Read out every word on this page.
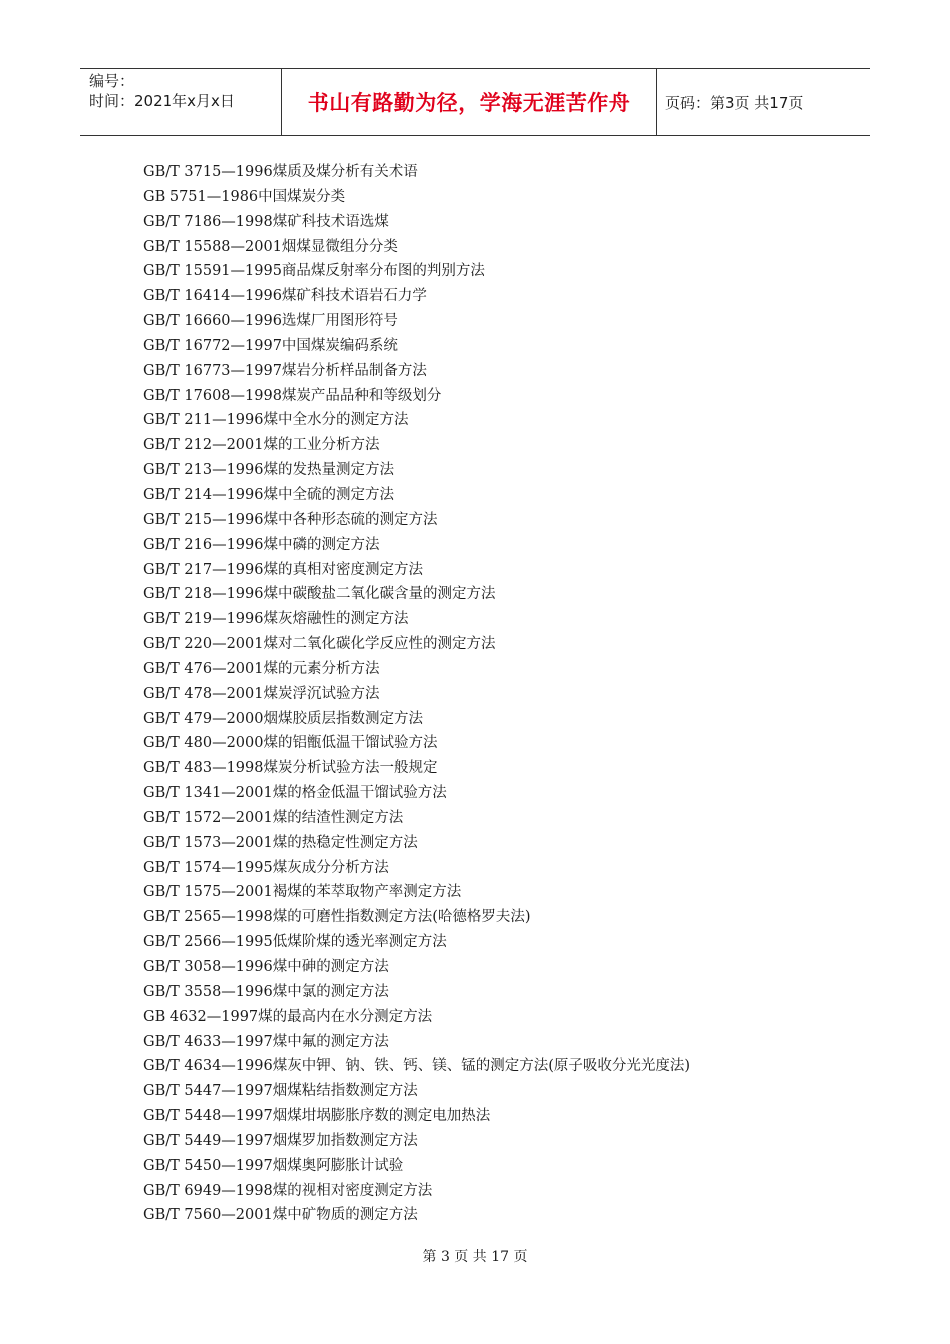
编号：
时间：2021年x月x日	书山有路勤为径，学海无涯苦作舟	页码：第3页 共17页
GB/T 3715—1996煤质及煤分析有关术语
GB 5751—1986中国煤炭分类
GB/T 7186—1998煤矿科技术语选煤
GB/T 15588—2001烟煤显微组分分类
GB/T 15591—1995商品煤反射率分布图的判别方法
GB/T 16414—1996煤矿科技术语岩石力学
GB/T 16660—1996选煤厂用图形符号
GB/T 16772—1997中国煤炭编码系统
GB/T 16773—1997煤岩分析样品制备方法
GB/T 17608—1998煤炭产品品种和等级划分
GB/T 211—1996煤中全水分的测定方法
GB/T 212—2001煤的工业分析方法
GB/T 213—1996煤的发热量测定方法
GB/T 214—1996煤中全硫的测定方法
GB/T 215—1996煤中各种形态硫的测定方法
GB/T 216—1996煤中磷的测定方法
GB/T 217—1996煤的真相对密度测定方法
GB/T 218—1996煤中碳酸盐二氧化碳含量的测定方法
GB/T 219—1996煤灰熔融性的测定方法
GB/T 220—2001煤对二氧化碳化学反应性的测定方法
GB/T 476—2001煤的元素分析方法
GB/T 478—2001煤炭浮沉试验方法
GB/T 479—2000烟煤胶质层指数测定方法
GB/T 480—2000煤的铝甑低温干馏试验方法
GB/T 483—1998煤炭分析试验方法一般规定
GB/T 1341—2001煤的格金低温干馏试验方法
GB/T 1572—2001煤的结渣性测定方法
GB/T 1573—2001煤的热稳定性测定方法
GB/T 1574—1995煤灰成分分析方法
GB/T 1575—2001褐煤的苯萃取物产率测定方法
GB/T 2565—1998煤的可磨性指数测定方法(哈德格罗夫法)
GB/T 2566—1995低煤阶煤的透光率测定方法
GB/T 3058—1996煤中砷的测定方法
GB/T 3558—1996煤中氯的测定方法
GB 4632—1997煤的最高内在水分测定方法
GB/T 4633—1997煤中氟的测定方法
GB/T 4634—1996煤灰中钾、钠、铁、钙、镁、锰的测定方法(原子吸收分光光度法)
GB/T 5447—1997烟煤粘结指数测定方法
GB/T 5448—1997烟煤坩埚膨胀序数的测定电加热法
GB/T 5449—1997烟煤罗加指数测定方法
GB/T 5450—1997烟煤奥阿膨胀计试验
GB/T 6949—1998煤的视相对密度测定方法
GB/T 7560—2001煤中矿物质的测定方法
第 3 页 共 17 页
